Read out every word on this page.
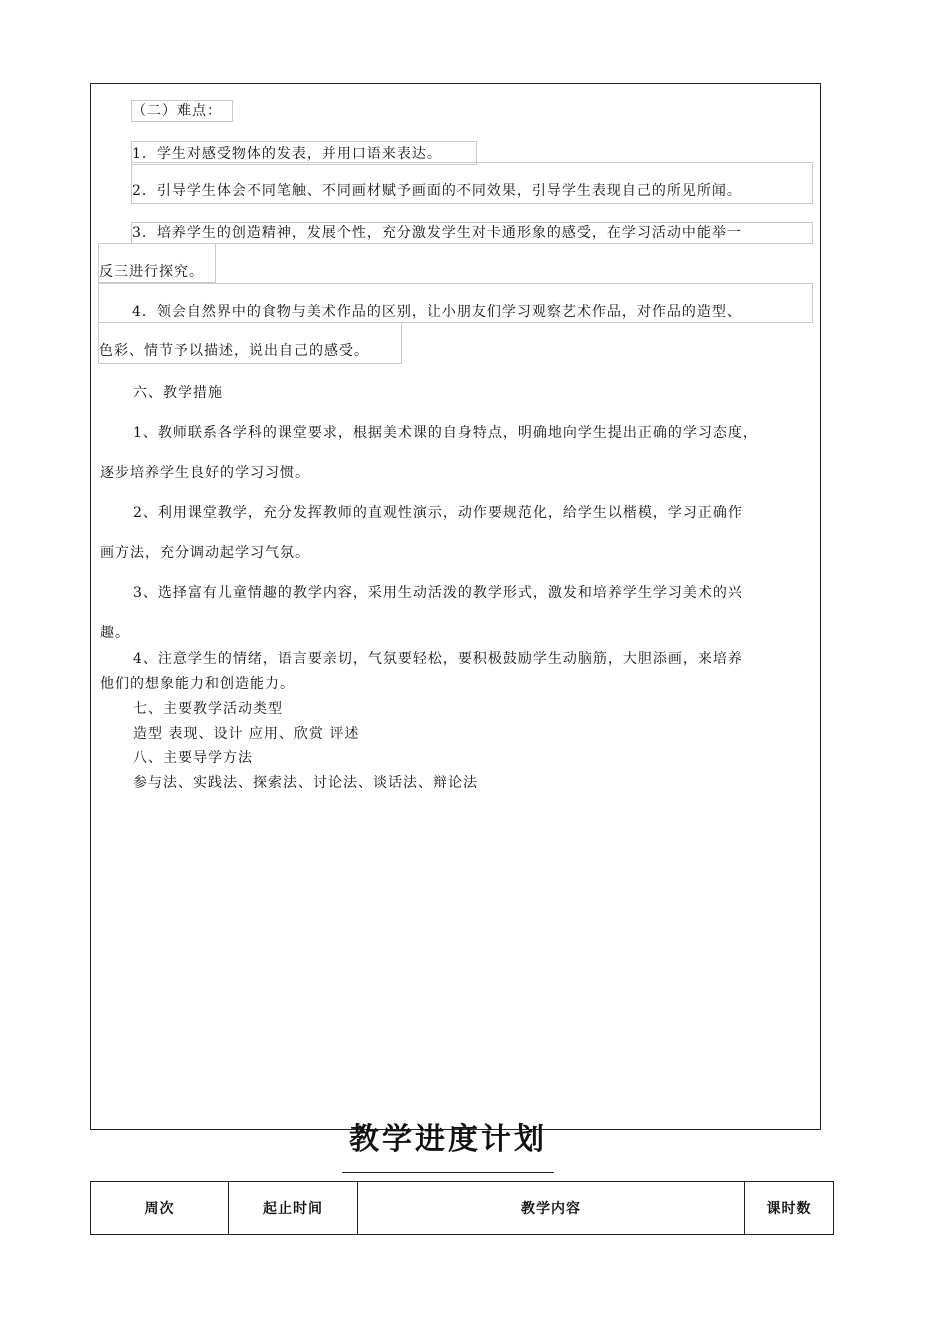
（二）难点：
1．学生对感受物体的发表，并用口语来表达。
2．引导学生体会不同笔触、不同画材赋予画面的不同效果，引导学生表现自己的所见所闻。
3．培养学生的创造精神，发展个性，充分激发学生对卡通形象的感受，在学习活动中能举一
反三进行探究。
4．领会自然界中的食物与美术作品的区别，让小朋友们学习观察艺术作品，对作品的造型、
色彩、情节予以描述，说出自己的感受。
六、教学措施
1、教师联系各学科的课堂要求，根据美术课的自身特点，明确地向学生提出正确的学习态度，
逐步培养学生良好的学习习惯。
2、利用课堂教学，充分发挥教师的直观性演示，动作要规范化，给学生以楷模，学习正确作
画方法，充分调动起学习气氛。
3、选择富有儿童情趣的教学内容，采用生动活泼的教学形式，激发和培养学生学习美术的兴
趣。
4、注意学生的情绪，语言要亲切，气氛要轻松，要积极鼓励学生动脑筋，大胆添画，来培养
他们的想象能力和创造能力。
七、主要教学活动类型
造型 表现、设计 应用、欣赏 评述
八、主要导学方法
参与法、实践法、探索法、讨论法、谈话法、辩论法
教学进度计划
周次	起止时间	教学内容	课时数
